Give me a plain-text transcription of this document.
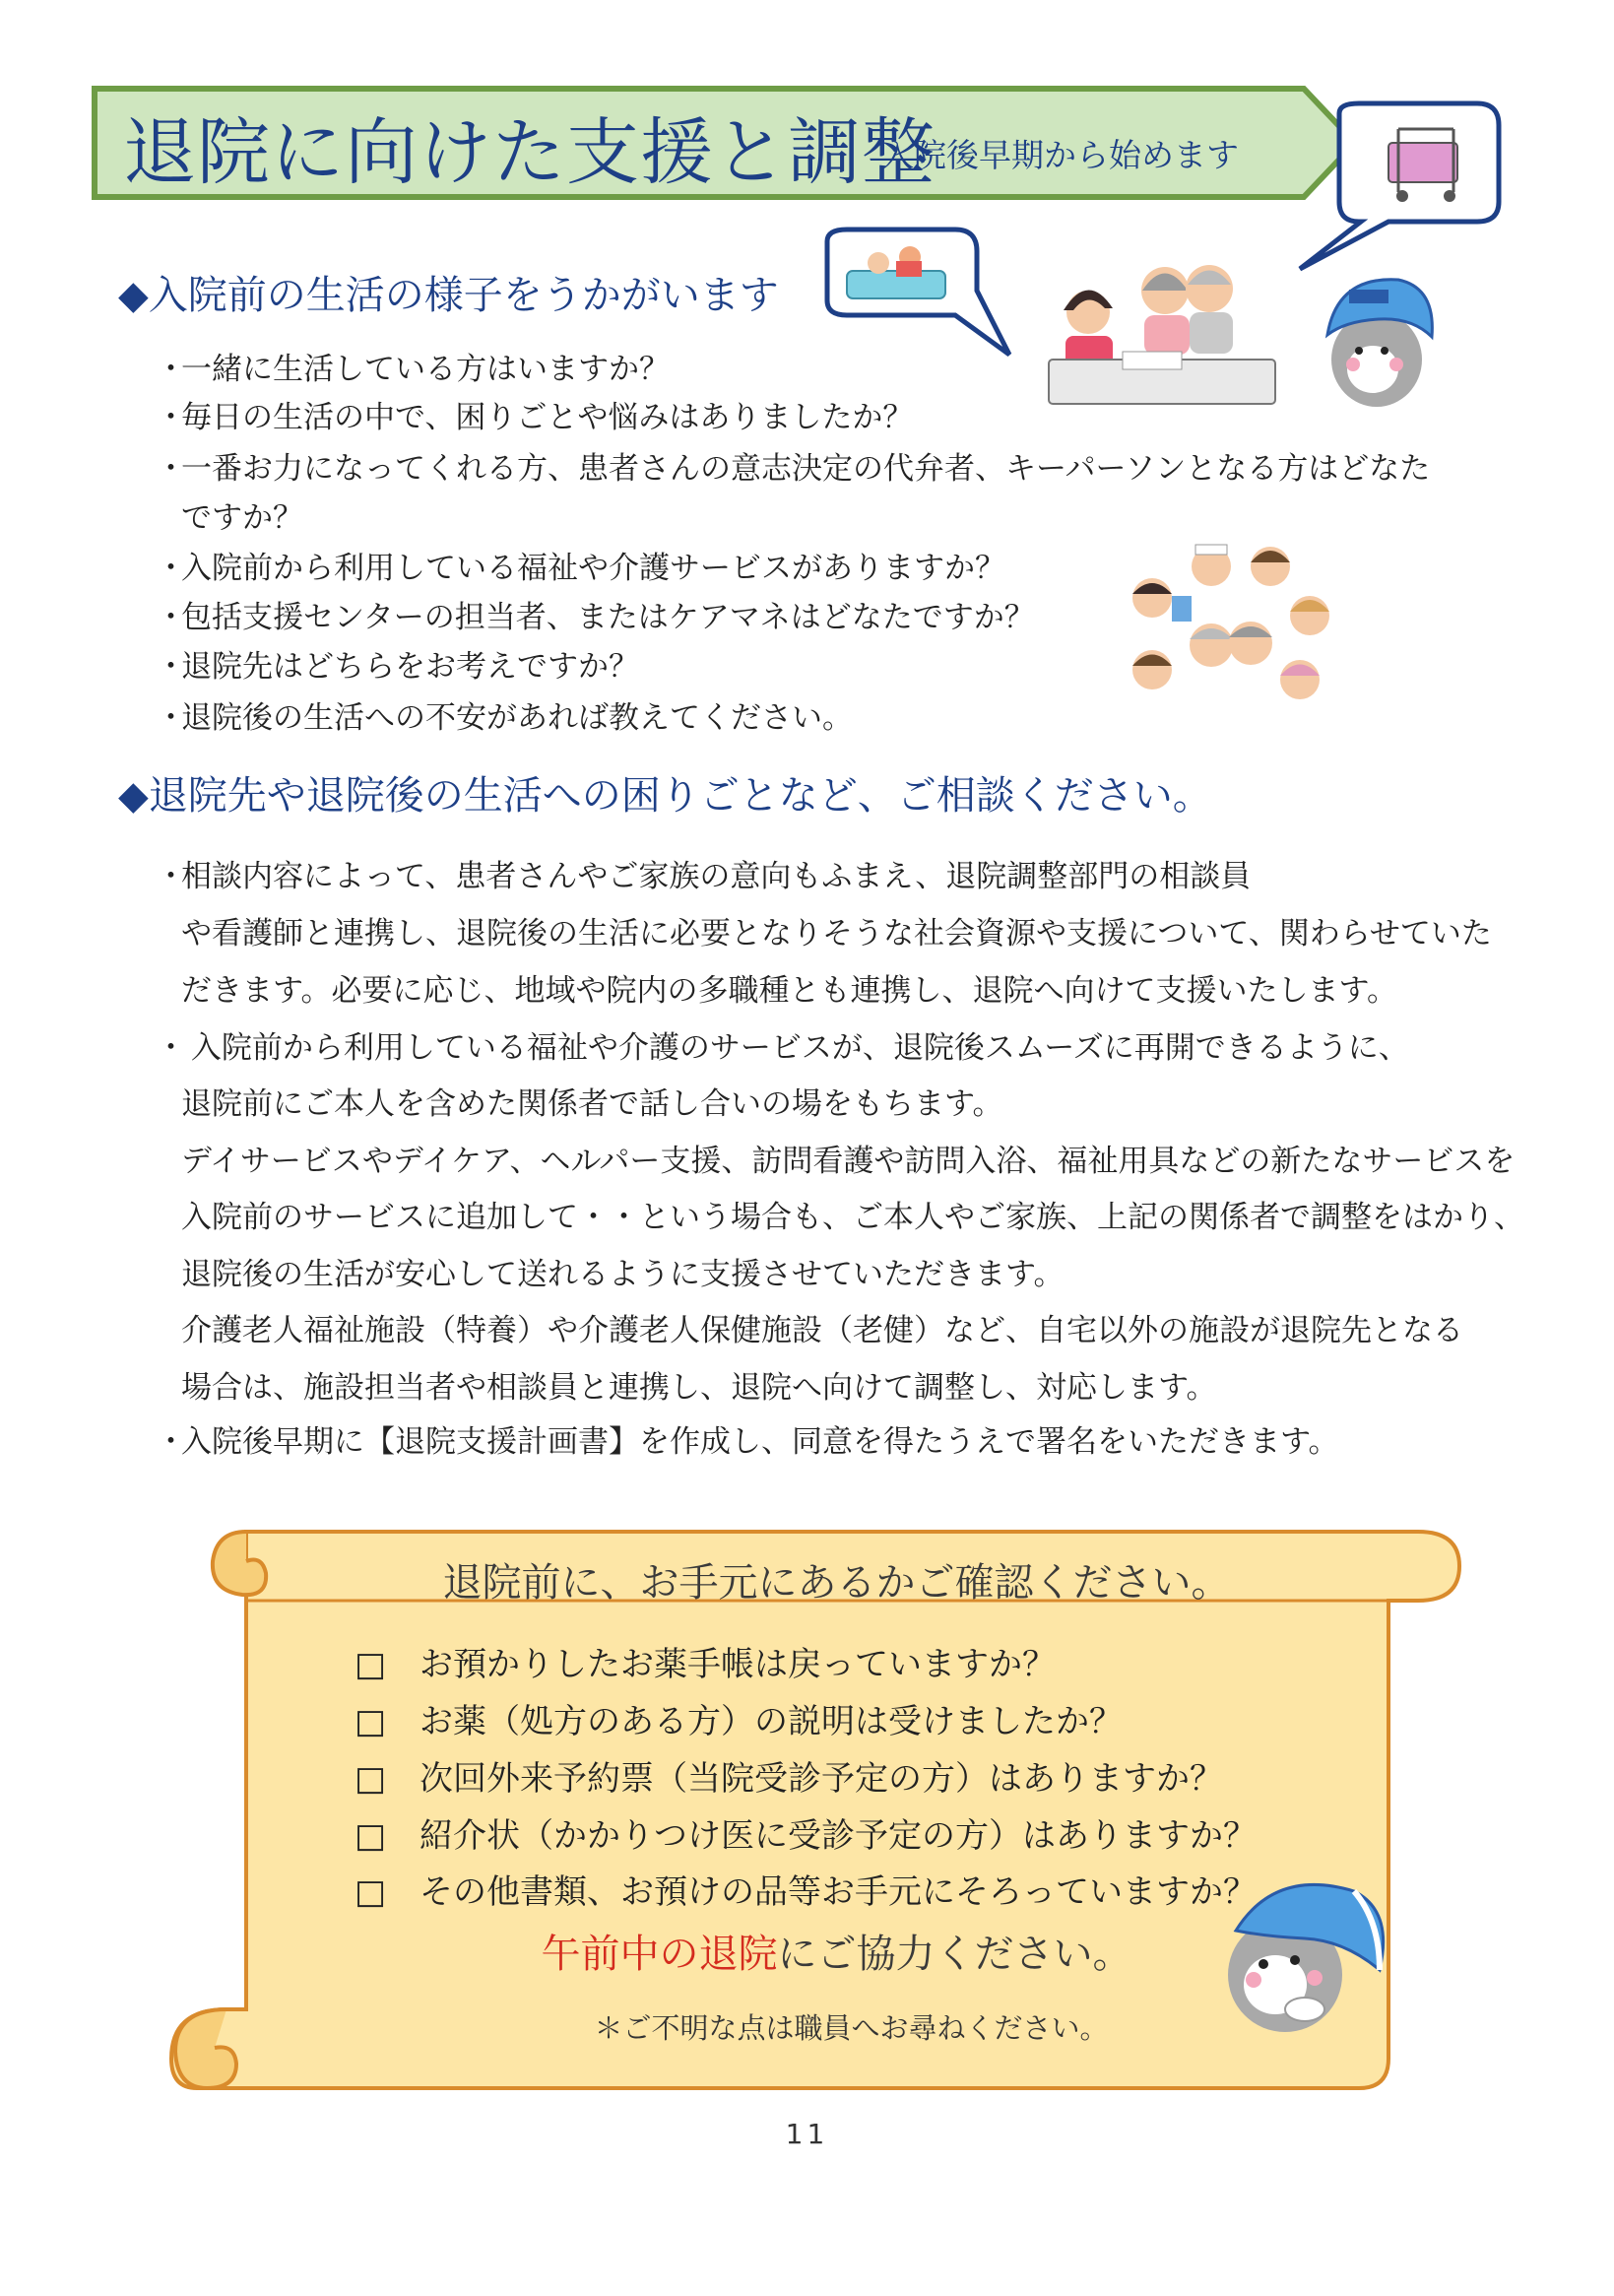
退院に向けた支援と調整
入院後早期から始めます
◆入院前の生活の様子をうかがいます
・一緒に生活している方はいますか？
・毎日の生活の中で、困りごとや悩みはありましたか？
・一番お力になってくれる方、患者さんの意志決定の代弁者、キーパーソンとなる方はどなた
ですか？
・入院前から利用している福祉や介護サービスがありますか？
・包括支援センターの担当者、またはケアマネはどなたですか？
・退院先はどちらをお考えですか？
・退院後の生活への不安があれば教えてください。
◆退院先や退院後の生活への困りごとなど、ご相談ください。
・相談内容によって、患者さんやご家族の意向もふまえ、退院調整部門の相談員
や看護師と連携し、退院後の生活に必要となりそうな社会資源や支援について、関わらせていた
だきます。必要に応じ、地域や院内の多職種とも連携し、退院へ向けて支援いたします。
・ 入院前から利用している福祉や介護のサービスが、退院後スムーズに再開できるように、
退院前にご本人を含めた関係者で話し合いの場をもちます。
デイサービスやデイケア、ヘルパー支援、訪問看護や訪問入浴、福祉用具などの新たなサービスを
入院前のサービスに追加して・・という場合も、ご本人やご家族、上記の関係者で調整をはかり、
退院後の生活が安心して送れるように支援させていただきます。
介護老人福祉施設（特養）や介護老人保健施設（老健）など、自宅以外の施設が退院先となる
場合は、施設担当者や相談員と連携し、退院へ向けて調整し、対応します。
・入院後早期に【退院支援計画書】を作成し、同意を得たうえで署名をいただきます。
退院前に、お手元にあるかご確認ください。
□ お預かりしたお薬手帳は戻っていますか？
□ お薬（処方のある方）の説明は受けましたか？
□ 次回外来予約票（当院受診予定の方）はありますか？
□ 紹介状（かかりつけ医に受診予定の方）はありますか？
□ その他書類、お預けの品等お手元にそろっていますか？
午前中の退院にご協力ください。
＊ご不明な点は職員へお尋ねください。
11
